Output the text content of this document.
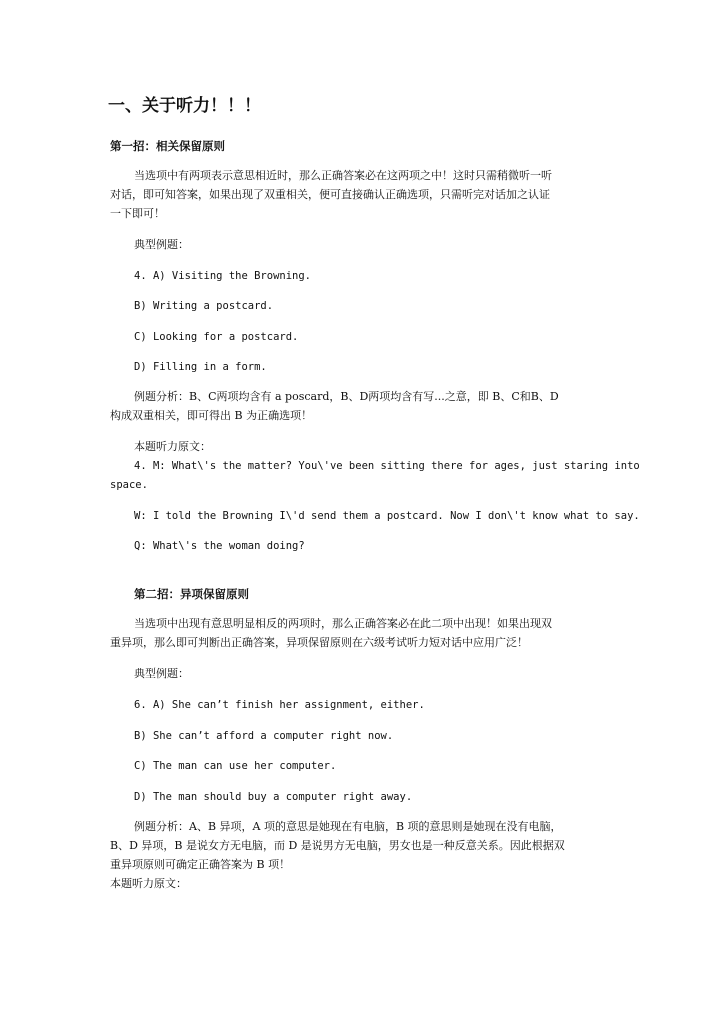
一、关于听力！！！
第一招：相关保留原则
当选项中有两项表示意思相近时，那么正确答案必在这两项之中！这时只需稍微听一听
对话，即可知答案，如果出现了双重相关，便可直接确认正确选项，只需听完对话加之认证
一下即可！
典型例题：
4. A) Visiting the Browning.
B) Writing a postcard.
C) Looking for a postcard.
D) Filling in a form.
例题分析：B、C两项均含有 a poscard，B、D两项均含有写...之意，即 B、C和B、D
构成双重相关，即可得出 B 为正确选项！
本题听力原文：
4. M: What\'s the matter? You\'ve been sitting there for ages, just staring into
space.
W: I told the Browning I\'d send them a postcard. Now I don\'t know what to say.
Q: What\'s the woman doing?
第二招：异项保留原则
当选项中出现有意思明显相反的两项时，那么正确答案必在此二项中出现！如果出现双
重异项，那么即可判断出正确答案，异项保留原则在六级考试听力短对话中应用广泛！
典型例题：
6. A) She can’t finish her assignment, either.
B) She can’t afford a computer right now.
C) The man can use her computer.
D) The man should buy a computer right away.
例题分析：A、B 异项，A 项的意思是她现在有电脑，B 项的意思则是她现在没有电脑，
B、D 异项，B 是说女方无电脑，而 D 是说男方无电脑，男女也是一种反意关系。因此根据双
重异项原则可确定正确答案为 B 项！
本题听力原文：
